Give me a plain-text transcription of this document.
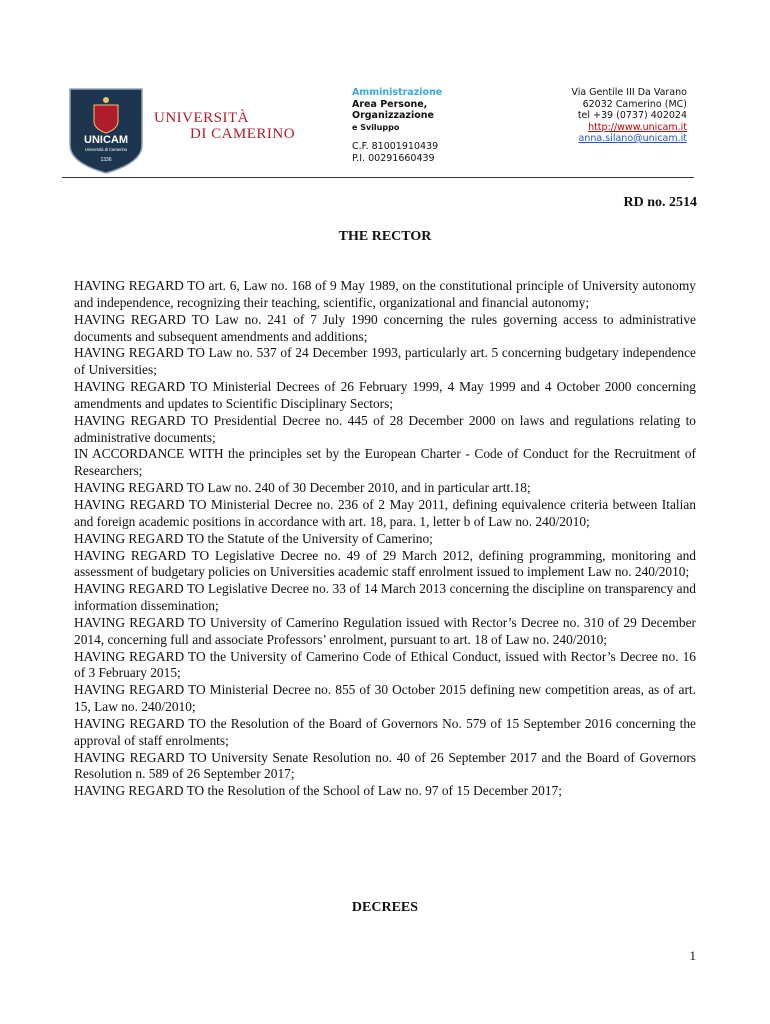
UNICAM
Università di Camerino
1336
UNIVERSITÀ
DI CAMERINO
Amministrazione
Area Persone,
Organizzazione
e Sviluppo
C.F. 81001910439
P.I. 00291660439
Via Gentile III Da Varano
62032 Camerino (MC)
tel +39 (0737) 402024
http://www.unicam.it
anna.silano@unicam.it
RD no. 2514
THE RECTOR

HAVING REGARD TO art. 6, Law no. 168 of 9 May 1989, on the constitutional principle of University autonomy and independence, recognizing their teaching, scientific, organizational and financial autonomy;

HAVING REGARD TO Law no. 241 of 7 July 1990 concerning the rules governing access to administrative documents and subsequent amendments and additions;

HAVING REGARD TO Law no. 537 of 24 December 1993, particularly art. 5 concerning budgetary independence of Universities;

HAVING REGARD TO Ministerial Decrees of 26 February 1999, 4 May 1999 and 4 October 2000 concerning amendments and updates to Scientific Disciplinary Sectors;

HAVING REGARD TO Presidential Decree no. 445 of 28 December 2000 on laws and regulations relating to administrative documents;

IN ACCORDANCE WITH the principles set by the European Charter - Code of Conduct for the Recruitment of Researchers;

HAVING REGARD TO Law no. 240 of 30 December 2010, and in particular artt.18;

HAVING REGARD TO Ministerial Decree no. 236 of 2 May 2011, defining equivalence criteria between Italian and foreign academic positions in accordance with art. 18, para. 1, letter b of Law no. 240/2010;

HAVING REGARD TO the Statute of the University of Camerino;

HAVING REGARD TO Legislative Decree no. 49 of 29 March 2012, defining programming, monitoring and assessment of budgetary policies on Universities academic staff enrolment issued to implement Law no. 240/2010;

HAVING REGARD TO Legislative Decree no. 33 of 14 March 2013 concerning the discipline on transparency and information dissemination;

HAVING REGARD TO University of Camerino Regulation issued with Rector’s Decree no. 310 of 29 December 2014, concerning full and associate Professors’ enrolment, pursuant to art. 18 of Law no. 240/2010;

HAVING REGARD TO the University of Camerino Code of Ethical Conduct, issued with Rector’s Decree no. 16 of 3 February 2015;

HAVING REGARD TO Ministerial Decree no. 855 of 30 October 2015 defining new competition areas, as of art. 15, Law no. 240/2010;

HAVING REGARD TO the Resolution of the Board of Governors No. 579 of 15 September 2016 concerning the approval of staff enrolments;

HAVING REGARD TO University Senate Resolution no. 40 of 26 September 2017 and the Board of Governors Resolution n. 589 of 26 September 2017;

HAVING REGARD TO the Resolution of the School of Law no. 97 of 15 December 2017;

DECREES
1
